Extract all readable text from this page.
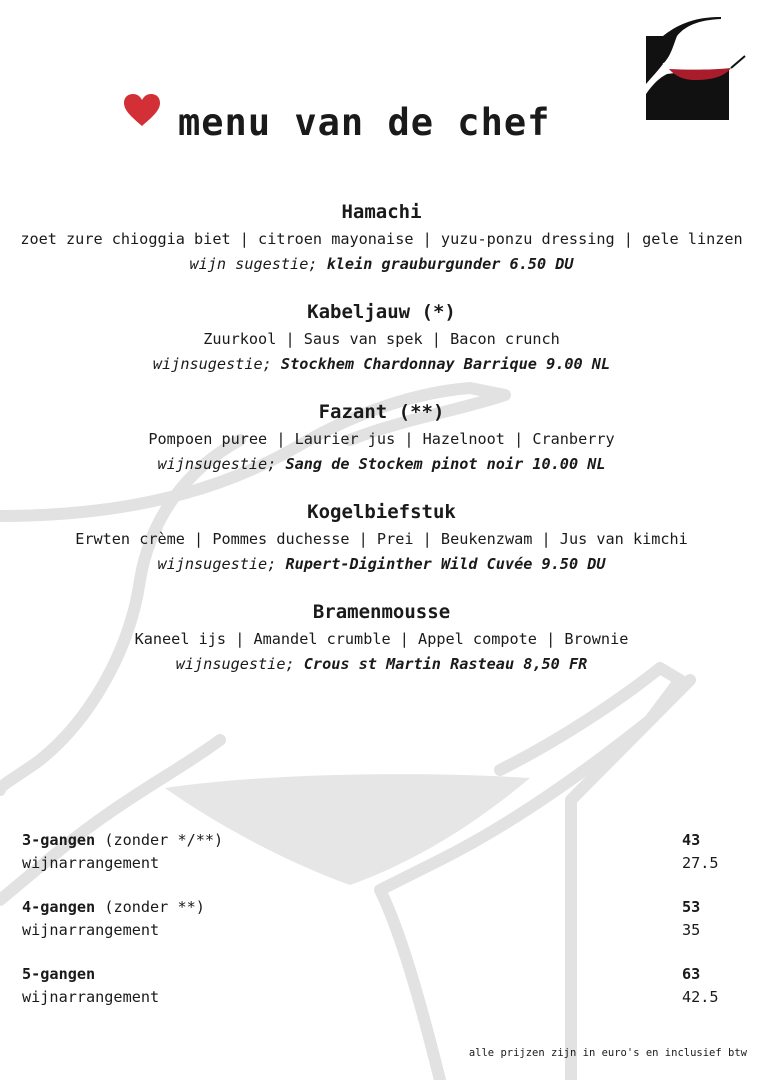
menu van de chef
Hamachi
zoet zure chioggia biet | citroen mayonaise | yuzu-ponzu dressing | gele linzen
wijn sugestie; klein grauburgunder 6.50 DU
Kabeljauw (*)
Zuurkool | Saus van spek | Bacon crunch
wijnsugestie; Stockhem Chardonnay Barrique 9.00 NL
Fazant (**)
Pompoen puree | Laurier jus | Hazelnoot | Cranberry
wijnsugestie; Sang de Stockem pinot noir 10.00 NL
Kogelbiefstuk
Erwten crème | Pommes duchesse | Prei | Beukenzwam | Jus van kimchi
wijnsugestie; Rupert-Diginther Wild Cuvée 9.50 DU
Bramenmousse
Kaneel ijs | Amandel crumble | Appel compote | Brownie
wijnsugestie; Crous st Martin Rasteau 8,50 FR
3-gangen (zonder */**)	43
wijnarrangement	27.5
4-gangen (zonder **)	53
wijnarrangement	35
5-gangen	63
wijnarrangement	42.5
alle prijzen zijn in euro's en inclusief btw
